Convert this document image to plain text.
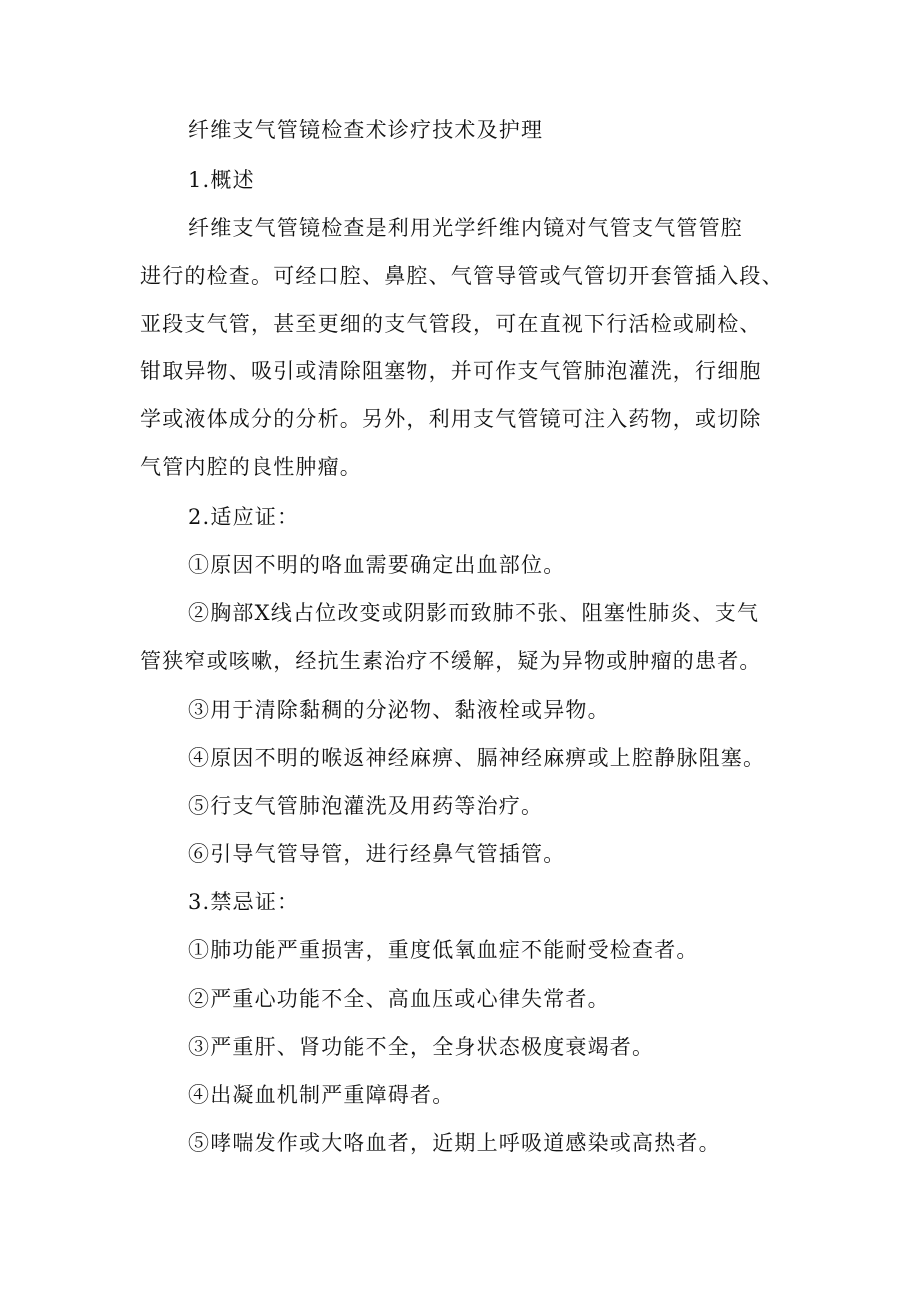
纤维支气管镜检查术诊疗技术及护理
1.概述
纤维支气管镜检查是利用光学纤维内镜对气管支气管管腔
进行的检查。可经口腔、鼻腔、气管导管或气管切开套管插入段、
亚段支气管，甚至更细的支气管段，可在直视下行活检或刷检、
钳取异物、吸引或清除阻塞物，并可作支气管肺泡灌洗，行细胞
学或液体成分的分析。另外，利用支气管镜可注入药物，或切除
气管内腔的良性肿瘤。
2.适应证：
①原因不明的咯血需要确定出血部位。
②胸部X线占位改变或阴影而致肺不张、阻塞性肺炎、支气
管狭窄或咳嗽，经抗生素治疗不缓解，疑为异物或肿瘤的患者。
③用于清除黏稠的分泌物、黏液栓或异物。
④原因不明的喉返神经麻痹、膈神经麻痹或上腔静脉阻塞。
⑤行支气管肺泡灌洗及用药等治疗。
⑥引导气管导管，进行经鼻气管插管。
3.禁忌证：
①肺功能严重损害，重度低氧血症不能耐受检查者。
②严重心功能不全、高血压或心律失常者。
③严重肝、肾功能不全，全身状态极度衰竭者。
④出凝血机制严重障碍者。
⑤哮喘发作或大咯血者，近期上呼吸道感染或高热者。
